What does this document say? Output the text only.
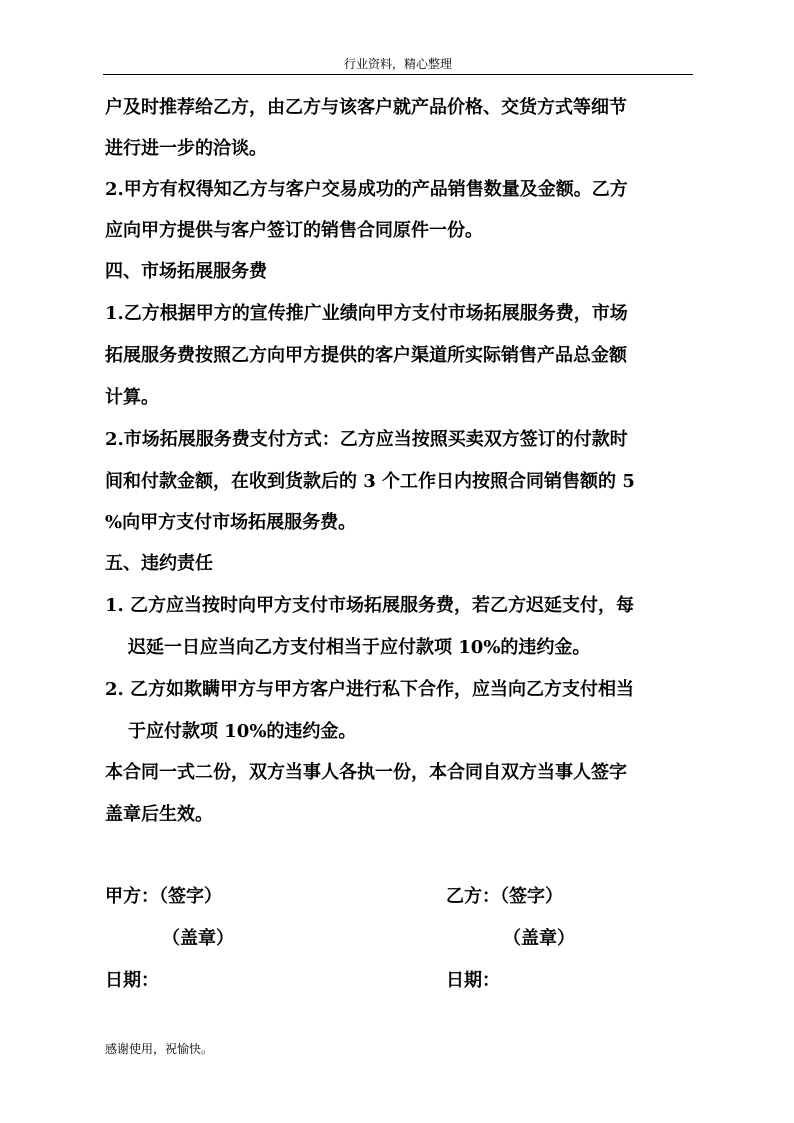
行业资料，精心整理
户及时推荐给乙方，由乙方与该客户就产品价格、交货方式等细节
进行进一步的洽谈。
2.甲方有权得知乙方与客户交易成功的产品销售数量及金额。乙方
应向甲方提供与客户签订的销售合同原件一份。
四、市场拓展服务费
1.乙方根据甲方的宣传推广业绩向甲方支付市场拓展服务费，市场
拓展服务费按照乙方向甲方提供的客户渠道所实际销售产品总金额
计算。
2.市场拓展服务费支付方式：乙方应当按照买卖双方签订的付款时
间和付款金额，在收到货款后的 3 个工作日内按照合同销售额的 5
%向甲方支付市场拓展服务费。
五、违约责任
1. 乙方应当按时向甲方支付市场拓展服务费，若乙方迟延支付，每
迟延一日应当向乙方支付相当于应付款项 10%的违约金。
2. 乙方如欺瞒甲方与甲方客户进行私下合作，应当向乙方支付相当
于应付款项 10%的违约金。
本合同一式二份，双方当事人各执一份，本合同自双方当事人签字
盖章后生效。
甲方：（签字）
（盖章）
日期：
乙方：（签字）
（盖章）
日期：
感谢使用，祝愉快。
